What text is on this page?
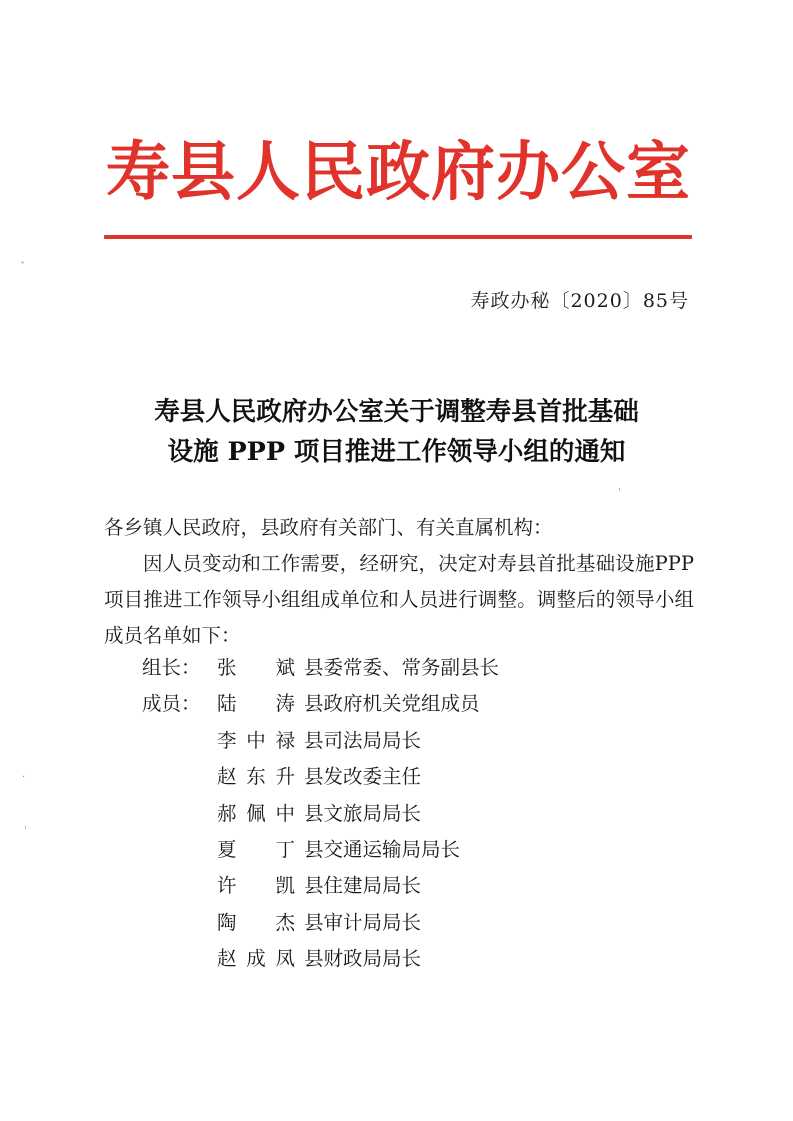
寿 县 人 民 政 府 办 公 室
寿政办秘〔2020〕85号
寿县人民政府办公室关于调整寿县首批基础
设施 PPP 项目推进工作领导小组的通知

各乡镇人民政府，县政府有关部门、有关直属机构：

因人员变动和工作需要，经研究，决定对寿县首批基础设施PPP 项目推进工作领导小组组成单位和人员进行调整。调整后的领导小组成员名单如下：

组长： 张 斌 县委常委、常务副县长
成员： 陆 涛 县政府机关党组成员
李 中 禄 县司法局局长
赵 东 升 县发改委主任
郝 佩 中 县文旅局局长
夏 丁 县交通运输局局长
许 凯 县住建局局长
陶 杰 县审计局局长
赵 成 凤 县财政局局长
ˇ
ˈ
·
ˈ
